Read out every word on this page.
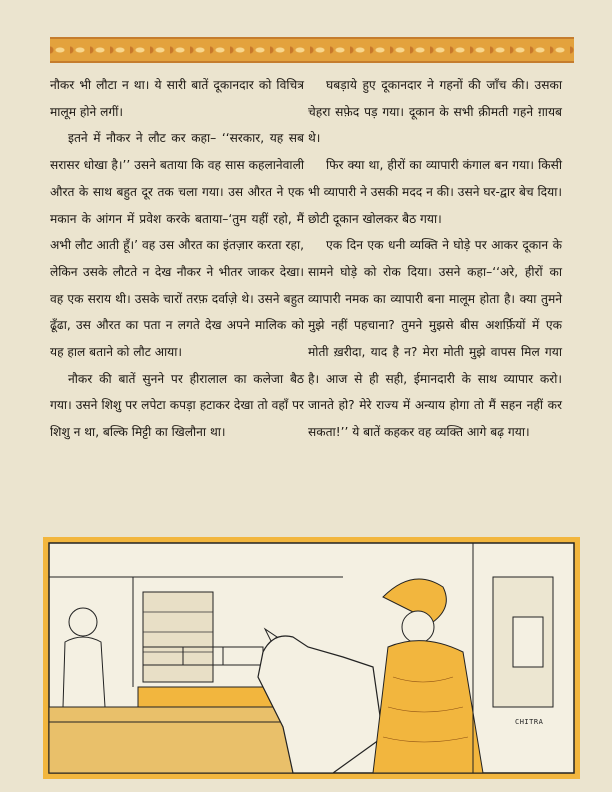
नौकर भी लौटा न था। ये सारी बातें दूकानदार को विचित्र मालूम होने लगीं।

इतने में नौकर ने लौट कर कहा– ‘‘सरकार, यह सब सरासर धोखा है।’’ उसने बताया कि वह सास कहलानेवाली औरत के साथ बहुत दूर तक चला गया। उस औरत ने एक मकान के आंगन में प्रवेश करके बताया–‘तुम यहीं रहो, मैं अभी लौट आती हूँ।’ वह उस औरत का इंतज़ार करता रहा, लेकिन उसके लौटते न देख नौकर ने भीतर जाकर देखा। वह एक सराय थी। उसके चारों तरफ़ दर्वाज़े थे। उसने बहुत ढूँढा, उस औरत का पता न लगते देख अपने मालिक को यह हाल बताने को लौट आया।

नौकर की बातें सुनने पर हीरालाल का कलेजा बैठ गया। उसने शिशु पर लपेटा कपड़ा हटाकर देखा तो वहाँ पर शिशु न था, बल्कि मिट्टी का खिलौना था।

घबड़ाये हुए दूकानदार ने गहनों की जाँच की। उसका चेहरा सफ़ेद पड़ गया। दूकान के सभी क़ीमती गहने ग़ायब थे।

फिर क्या था, हीरों का व्यापारी कंगाल बन गया। किसी भी व्यापारी ने उसकी मदद न की। उसने घर-द्वार बेच दिया। छोटी दूकान खोलकर बैठ गया।

एक दिन एक धनी व्यक्ति ने घोड़े पर आकर दूकान के सामने घोड़े को रोक दिया। उसने कहा–‘‘अरे, हीरों का व्यापारी नमक का व्यापारी बना मालूम होता है। क्या तुमने मुझे नहीं पहचाना? तुमने मुझसे बीस अशर्फ़ियों में एक मोती ख़रीदा, याद है न? मेरा मोती मुझे वापस मिल गया है। आज से ही सही, ईमानदारी के साथ व्यापार करो। जानते हो? मेरे राज्य में अन्याय होगा तो मैं सहन नहीं कर सकता!’’ ये बातें कहकर वह व्यक्ति आगे बढ़ गया।

CHITRA
